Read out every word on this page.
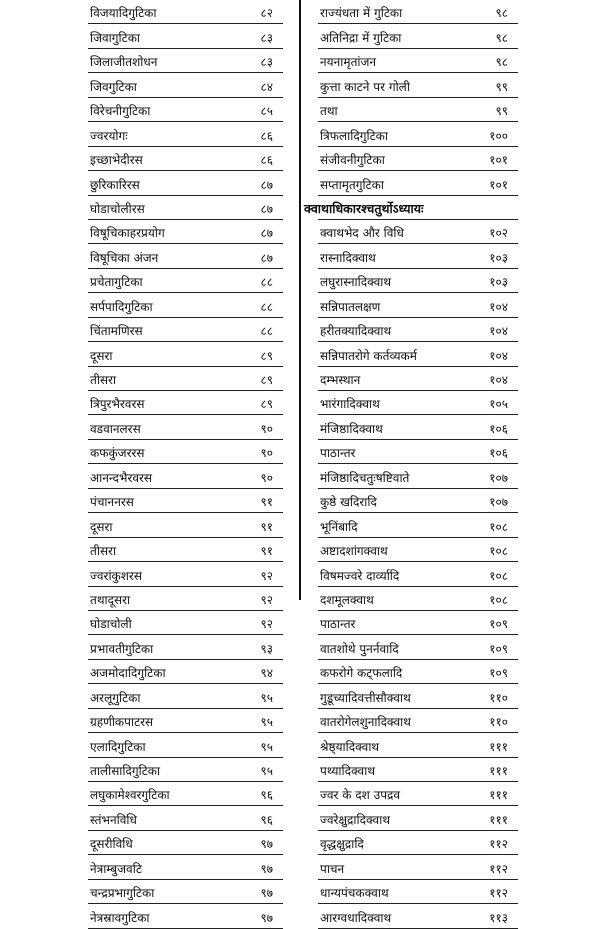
विजयादिगुटिका	८२
जिवागुटिका	८३
जिलाजीतशोधन	८३
जिवगुटिका	८४
विरेचनीगुटिका	८५
ज्वरयोगः	८६
इच्छाभेदीरस	८६
छुरिकारिरस	८७
घोडाचोलीरस	८७
विषूचिकाहरप्रयोग	८७
विषूचिका अंजन	८७
प्रचेतागुटिका	८८
सर्पपादिगुटिका	८८
चिंतामणिरस	८८
दूसरा	८९
तीसरा	८९
त्रिपुरभैरवरस	८९
वडवानलरस	९०
कफकुंजररस	९०
आनन्दभैरवरस	९०
पंचाननरस	९१
दूसरा	९१
तीसरा	९१
ज्वरांकुशरस	९२
तथादूसरा	९२
घोडाचोली	९२
प्रभावतीगुटिका	९३
अजमोदादिगुटिका	९४
अरलूगुटिका	९५
ग्रहणीकपाटरस	९५
एलादिगुटिका	९५
तालीसादिगुटिका	९५
लघुकामेश्वरगुटिका	९६
स्तंभनविधि	९६
दूसरीविधि	९७
नेत्राम्बुजवटि	९७
चन्द्रप्रभागुटिका	९७
नेत्रस्रावगुटिका	९७
राज्यंधता में गुटिका	९८
अतिनिद्रा में गुटिका	९८
नयनामृतांजन	९८
कुत्ता काटने पर गोली	९९
तथा	९९
त्रिफलादिगुटिका	१००
संजीवनीगुटिका	१०१
सप्तामृतगुटिका	१०१
क्वाथाधिकारश्चतुर्थोऽध्यायः
क्वाथभेद और विधि	१०२
रास्नादिक्वाथ	१०३
लघुरास्नादिक्वाथ	१०३
सन्निपातलक्षण	१०४
हरीतक्यादिक्वाथ	१०४
सन्निपातरोगे कर्तव्यकर्म	१०४
दम्भस्थान	१०४
भारंगादिक्वाथ	१०५
मंजिष्ठादिक्वाथ	१०६
पाठान्तर	१०६
मंजिष्ठादिचतुःषष्टिवाते	१०७
कुष्ठे खदिरादि	१०७
भूनिंबादि	१०८
अष्टादशांगक्वाथ	१०८
विषमज्वरे दार्व्यादि	१०८
दशमूलक्वाथ	१०८
पाठान्तर	१०९
वातशोथे पुनर्नवादि	१०९
कफरोगे कट्फलादि	१०९
गुडूच्यादिवत्तीसौक्वाथ	११०
वातरोगेलशुनादिक्वाथ	११०
श्रेष्ठ्यादिक्वाथ	१११
पथ्यादिक्वाथ	१११
ज्वर के दश उपद्रव	१११
ज्वरेक्षुद्रादिक्वाथ	१११
वृद्धक्षुद्रादि	११२
पाचन	११२
धान्यपंचकक्वाथ	११२
आरग्वधादिक्वाथ	११३
